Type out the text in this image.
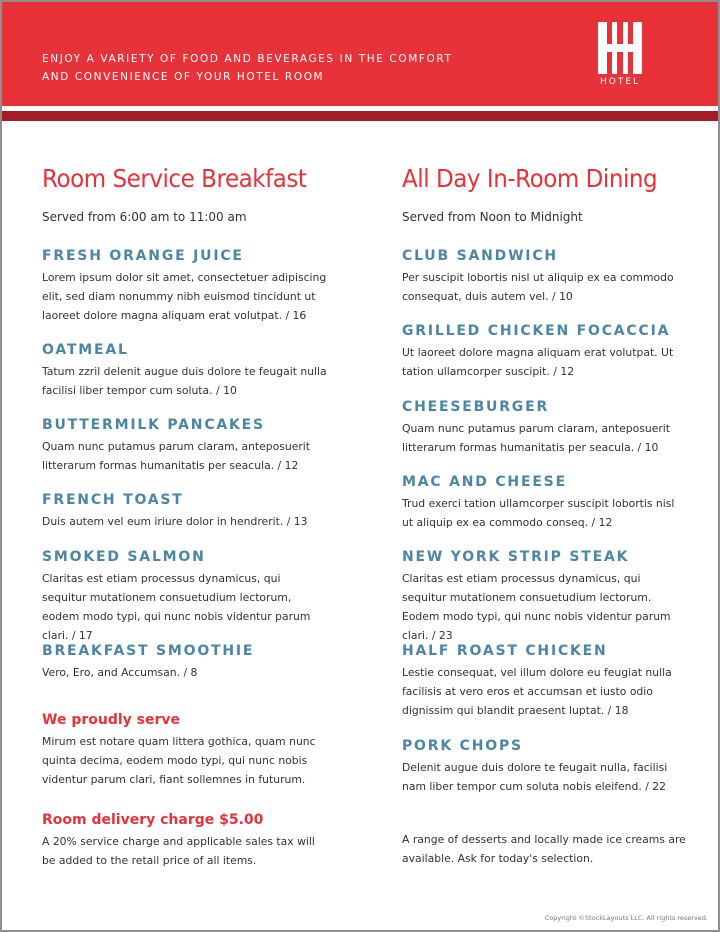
ENJOY A VARIETY OF FOOD AND BEVERAGES IN THE COMFORT
AND CONVENIENCE OF YOUR HOTEL ROOM	HOTEL
Room Service Breakfast
Served from 6:00 am to 11:00 am
FRESH ORANGE JUICE
Lorem ipsum dolor sit amet, consectetuer adipiscing elit, sed diam nonummy nibh euismod tincidunt ut laoreet dolore magna aliquam erat volutpat. / 16
OATMEAL
Tatum zzril delenit augue duis dolore te feugait nulla facilisi liber tempor cum soluta. / 10
BUTTERMILK PANCAKES
Quam nunc putamus parum claram, anteposuerit litterarum formas humanitatis per seacula. / 12
FRENCH TOAST
Duis autem vel eum iriure dolor in hendrerit. / 13
SMOKED SALMON
Claritas est etiam processus dynamicus, qui sequitur mutationem consuetudium lectorum, eodem modo typi, qui nunc nobis videntur parum clari. / 17
BREAKFAST SMOOTHIE
Vero, Ero, and Accumsan. / 8
We proudly serve
Mirum est notare quam littera gothica, quam nunc quinta decima, eodem modo typi, qui nunc nobis videntur parum clari, fiant sollemnes in futurum.
Room delivery charge $5.00
A 20% service charge and applicable sales tax will be added to the retail price of all items.
All Day In-Room Dining
Served from Noon to Midnight
CLUB SANDWICH
Per suscipit lobortis nisl ut aliquip ex ea commodo consequat, duis autem vel. / 10
GRILLED CHICKEN FOCACCIA
Ut laoreet dolore magna aliquam erat volutpat. Ut tation ullamcorper suscipit. / 12
CHEESEBURGER
Quam nunc putamus parum claram, anteposuerit litterarum formas humanitatis per seacula. / 10
MAC AND CHEESE
Trud exerci tation ullamcorper suscipit lobortis nisl ut aliquip ex ea commodo conseq. / 12
NEW YORK STRIP STEAK
Claritas est etiam processus dynamicus, qui sequitur mutationem consuetudium lectorum. Eodem modo typi, qui nunc nobis videntur parum clari. / 23
HALF ROAST CHICKEN
Lestie consequat, vel illum dolore eu feugiat nulla facilisis at vero eros et accumsan et iusto odio dignissim qui blandit praesent luptat. / 18
PORK CHOPS
Delenit augue duis dolore te feugait nulla, facilisi nam liber tempor cum soluta nobis eleifend. / 22
A range of desserts and locally made ice creams are available. Ask for today's selection.
Copyright ©StockLayouts LLC. All rights reserved.
